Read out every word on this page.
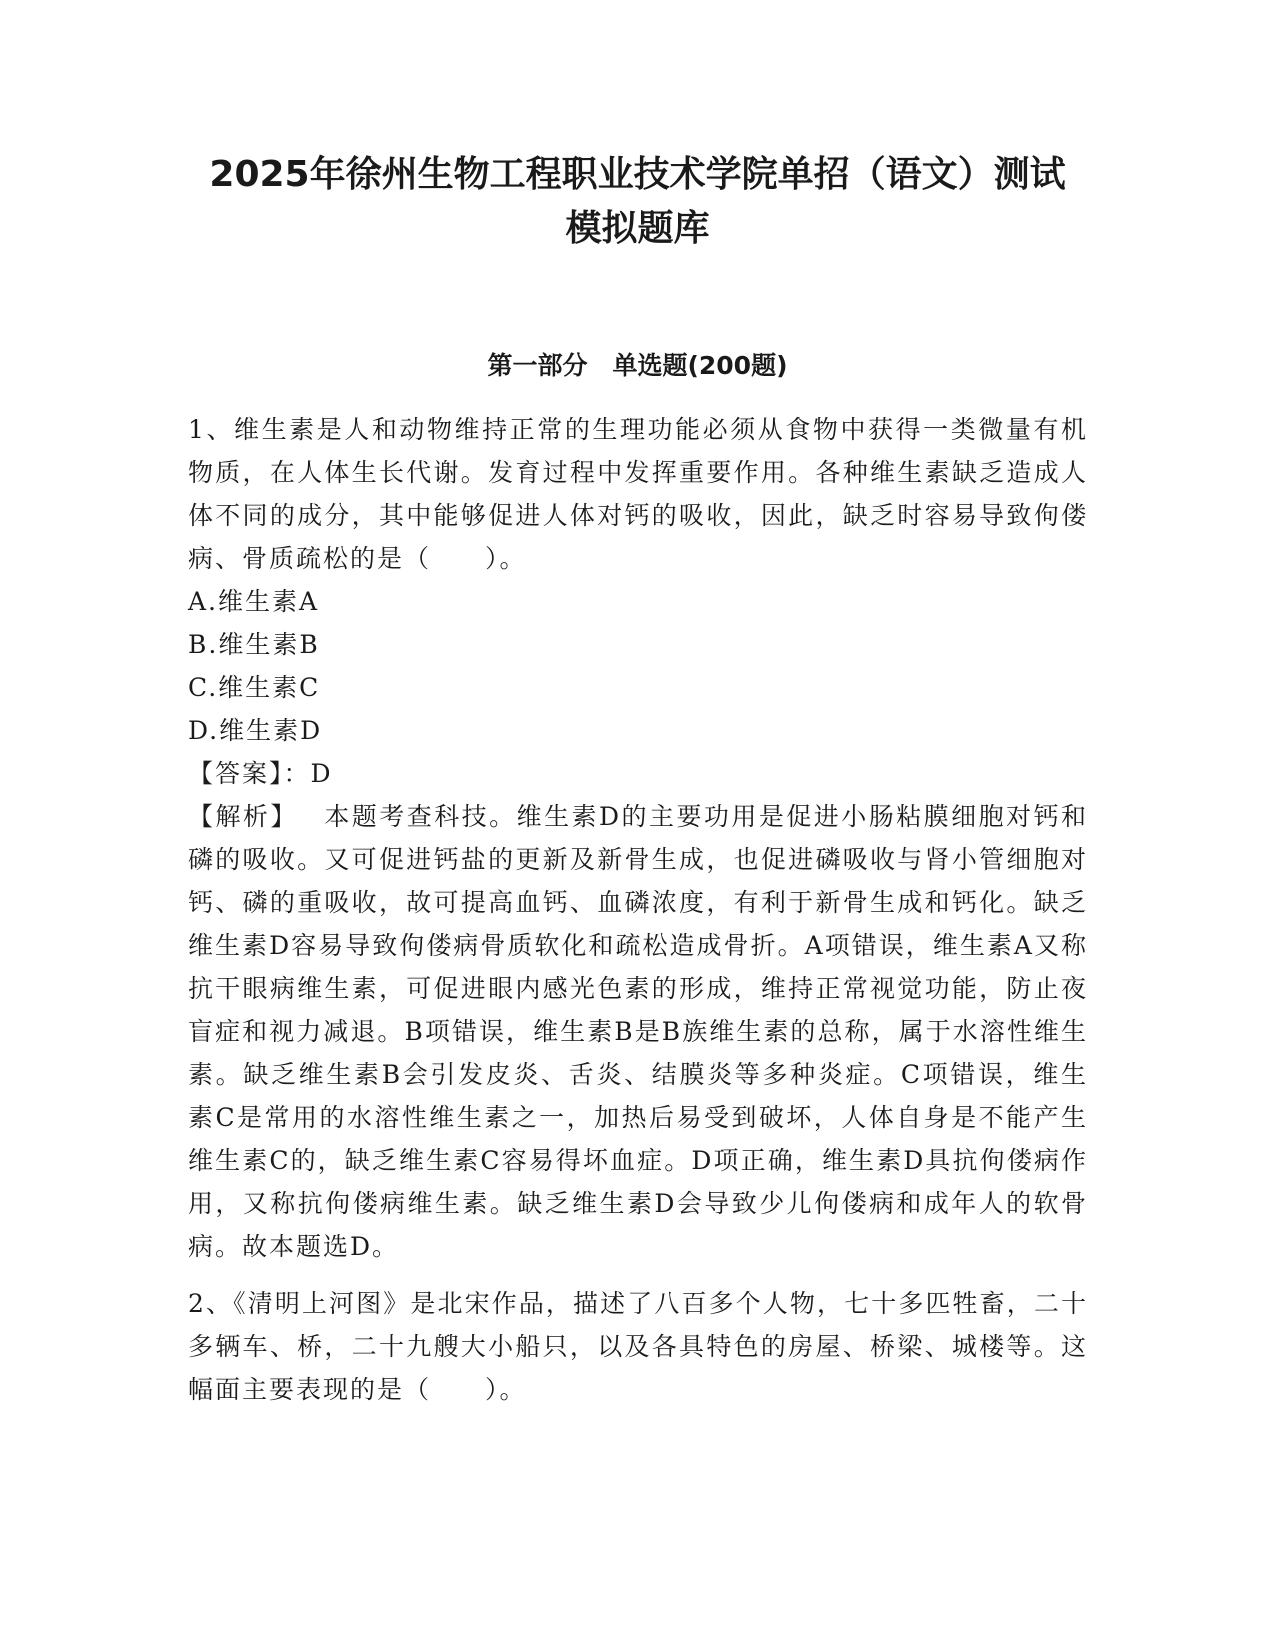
2025年徐州生物工程职业技术学院单招（语文）测试
模拟题库
第一部分　单选题(200题)

1、维生素是人和动物维持正常的生理功能必须从食物中获得一类微量有机物质，在人体生长代谢。发育过程中发挥重要作用。各种维生素缺乏造成人体不同的成分，其中能够促进人体对钙的吸收，因此，缺乏时容易导致佝偻病、骨质疏松的是（　　）。

A.维生素A

B.维生素B

C.维生素C

D.维生素D

【答案】：D

【解析】 本题考查科技。维生素D的主要功用是促进小肠粘膜细胞对钙和磷的吸收。又可促进钙盐的更新及新骨生成，也促进磷吸收与肾小管细胞对钙、磷的重吸收，故可提高血钙、血磷浓度，有利于新骨生成和钙化。缺乏维生素D容易导致佝偻病骨质软化和疏松造成骨折。A项错误，维生素A又称抗干眼病维生素，可促进眼内感光色素的形成，维持正常视觉功能，防止夜盲症和视力减退。B项错误，维生素B是B族维生素的总称，属于水溶性维生素。缺乏维生素B会引发皮炎、舌炎、结膜炎等多种炎症。C项错误，维生素C是常用的水溶性维生素之一，加热后易受到破坏，人体自身是不能产生维生素C的，缺乏维生素C容易得坏血症。D项正确，维生素D具抗佝偻病作用，又称抗佝偻病维生素。缺乏维生素D会导致少儿佝偻病和成年人的软骨病。故本题选D。

2、《清明上河图》是北宋作品，描述了八百多个人物，七十多匹牲畜，二十多辆车、桥，二十九艘大小船只，以及各具特色的房屋、桥梁、城楼等。这幅面主要表现的是（　　）。
